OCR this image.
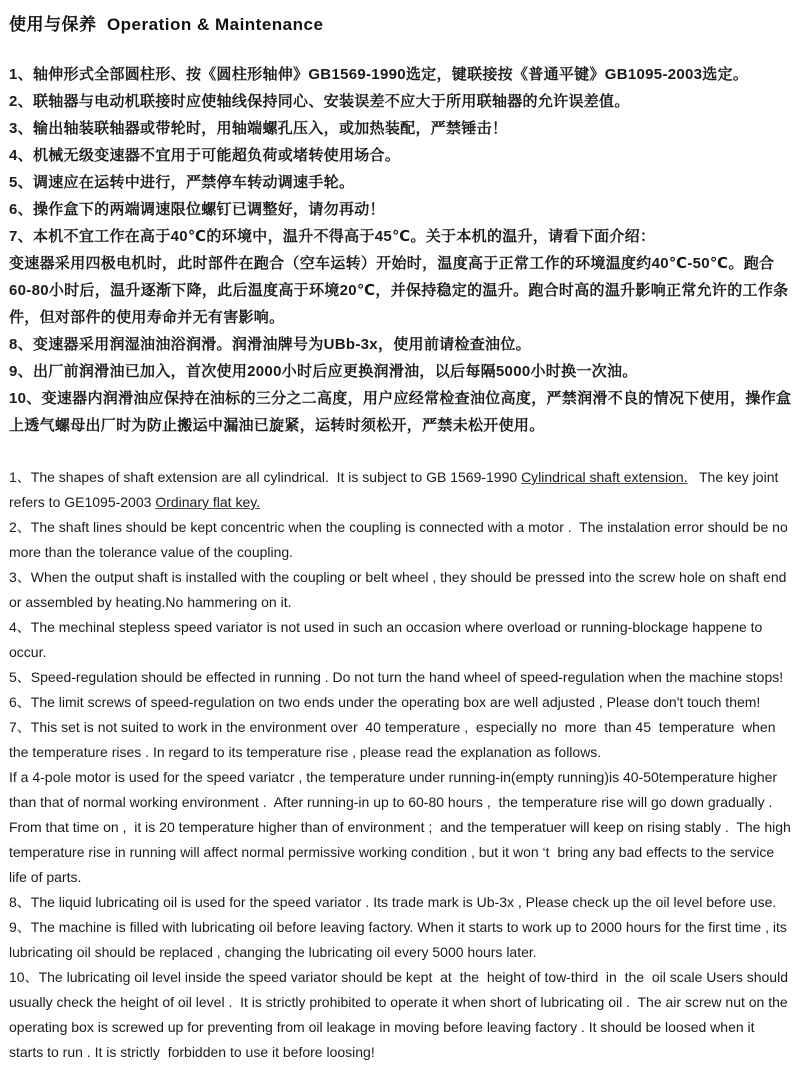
使用与保养  Operation & Maintenance

1、轴伸形式全部圆柱形、按《圆柱形轴伸》GB1569-1990选定，键联接按《普通平键》GB1095-2003选定。

2、联轴器与电动机联接时应使轴线保持同心、安装误差不应大于所用联轴器的允许误差值。

3、输出轴装联轴器或带轮时，用轴端螺孔压入，或加热装配，严禁锤击！

4、机械无级变速器不宜用于可能超负荷或堵转使用场合。

5、调速应在运转中进行，严禁停车转动调速手轮。

6、操作盒下的两端调速限位螺钉已调整好，请勿再动！

7、本机不宜工作在高于40℃的环境中，温升不得高于45℃。关于本机的温升，请看下面介绍：

变速器采用四极电机时，此时部件在跑合（空车运转）开始时，温度高于正常工作的环境温度约40℃-50℃。跑合60-80小时后，温升逐渐下降，此后温度高于环境20℃，并保持稳定的温升。跑合时高的温升影响正常允许的工作条件，但对部件的使用寿命并无有害影响。

8、变速器采用润湿油油浴润滑。润滑油牌号为UBb-3x，使用前请检查油位。

9、出厂前润滑油已加入，首次使用2000小时后应更换润滑油，以后每隔5000小时换一次油。

10、变速器内润滑油应保持在油标的三分之二高度，用户应经常检查油位高度，严禁润滑不良的情况下使用，操作盒上透气螺母出厂时为防止搬运中漏油已旋紧，运转时须松开，严禁未松开使用。

1、The shapes of shaft extension are all cylindrical.  It is subject to GB 1569-1990 Cylindrical shaft extension.   The key joint refers to GE1095-2003 Ordinary flat key.

2、The shaft lines should be kept concentric when the coupling is connected with a motor .  The instalation error should be no more than the tolerance value of the coupling.

3、When the output shaft is installed with the coupling or belt wheel , they should be pressed into the screw hole on shaft end or assembled by heating.No hammering on it.

4、The mechinal stepless speed variator is not used in such an occasion where overload or running-blockage happene to occur.

5、Speed-regulation should be effected in running . Do not turn the hand wheel of speed-regulation when the machine stops!

6、The limit screws of speed-regulation on two ends under the operating box are well adjusted , Please don't touch them!

7、This set is not suited to work in the environment over  40 temperature ,  especially no  more  than 45  temperature  when the temperature rises . In regard to its temperature rise , please read the explanation as follows.

If a 4-pole motor is used for the speed variatcr , the temperature under running-in(empty running)is 40-50temperature higher than that of normal working environment .  After running-in up to 60-80 hours ,  the temperature rise will go down gradually .  From that time on ,  it is 20 temperature higher than of environment ;  and the temperatuer will keep on rising stably .  The high  temperature rise in running will affect normal permissive working condition , but it won ‘t  bring any bad effects to the service life of parts.

8、The liquid lubricating oil is used for the speed variator . Its trade mark is Ub-3x , Please check up the oil level before use.

9、The machine is filled with lubricating oil before leaving factory. When it starts to work up to 2000 hours for the first time , its lubricating oil should be replaced , changing the lubricating oil every 5000 hours later.

10、The lubricating oil level inside the speed variator should be kept  at  the  height of tow-third  in  the  oil scale Users should usually check the height of oil level .  It is strictly prohibited to operate it when short of lubricating oil .  The air screw nut on the operating box is screwed up for preventing from oil leakage in moving before leaving factory . It should be loosed when it starts to run . It is strictly  forbidden to use it before loosing!
